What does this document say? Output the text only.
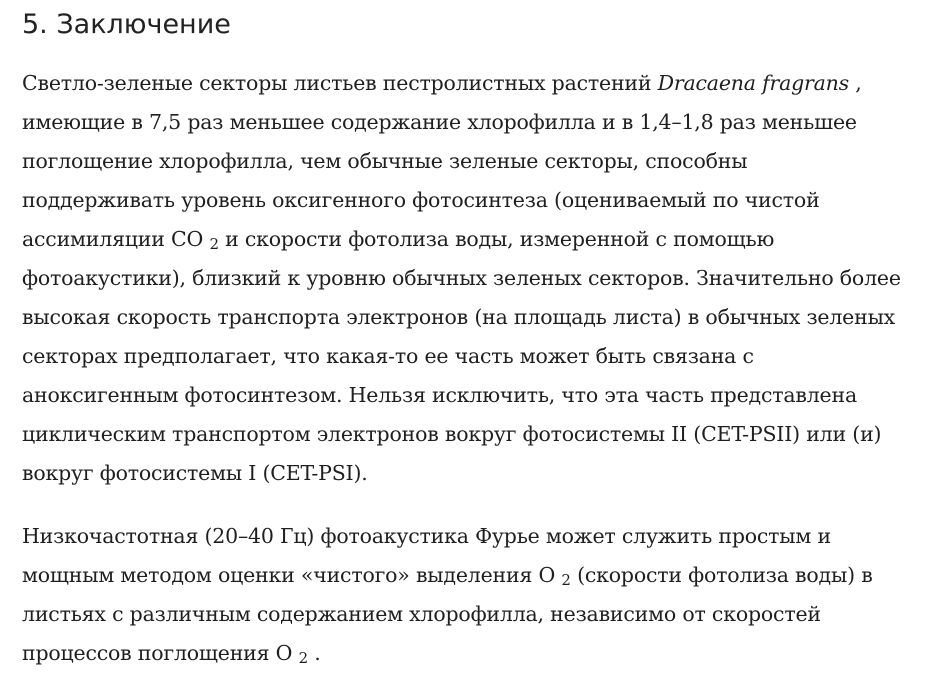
5. Заключение

Светло-зеленые секторы листьев пестролистных растений Dracaena fragrans , имеющие в 7,5 раз меньшее содержание хлорофилла и в 1,4–1,8 раз меньшее поглощение хлорофилла, чем обычные зеленые секторы, способны поддерживать уровень оксигенного фотосинтеза (оцениваемый по чистой ассимиляции CO $_2$ и скорости фотолиза воды, измеренной с помощью фотоакустики), близкий к уровню обычных зеленых секторов. Значительно более высокая скорость транспорта электронов (на площадь листа) в обычных зеленых секторах предполагает, что какая-то ее часть может быть связана с аноксигенным фотосинтезом. Нельзя исключить, что эта часть представлена циклическим транспортом электронов вокруг фотосистемы II (CET-PSII) или (и) вокруг фотосистемы I (CET-PSI).

Низкочастотная (20–40 Гц) фотоакустика Фурье может служить простым и мощным методом оценки «чистого» выделения O $_2$ (скорости фотолиза воды) в листьях с различным содержанием хлорофилла, независимо от скоростей процессов поглощения O $_2$ .
